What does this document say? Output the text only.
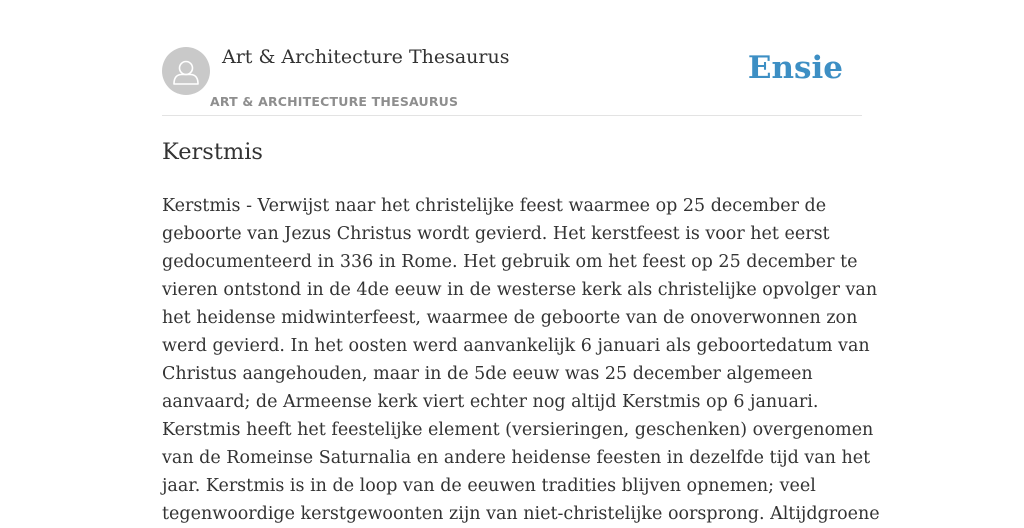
Art & Architecture Thesaurus
ART & ARCHITECTURE THESAURUS
Ensie
Kerstmis
Kerstmis - Verwijst naar het christelijke feest waarmee op 25 december de
geboorte van Jezus Christus wordt gevierd. Het kerstfeest is voor het eerst
gedocumenteerd in 336 in Rome. Het gebruik om het feest op 25 december te
vieren ontstond in de 4de eeuw in de westerse kerk als christelijke opvolger van
het heidense midwinterfeest, waarmee de geboorte van de onoverwonnen zon
werd gevierd. In het oosten werd aanvankelijk 6 januari als geboortedatum van
Christus aangehouden, maar in de 5de eeuw was 25 december algemeen
aanvaard; de Armeense kerk viert echter nog altijd Kerstmis op 6 januari.
Kerstmis heeft het feestelijke element (versieringen, geschenken) overgenomen
van de Romeinse Saturnalia en andere heidense feesten in dezelfde tijd van het
jaar. Kerstmis is in de loop van de eeuwen tradities blijven opnemen; veel
tegenwoordige kerstgewoonten zijn van niet-christelijke oorsprong. Altijdgroene
